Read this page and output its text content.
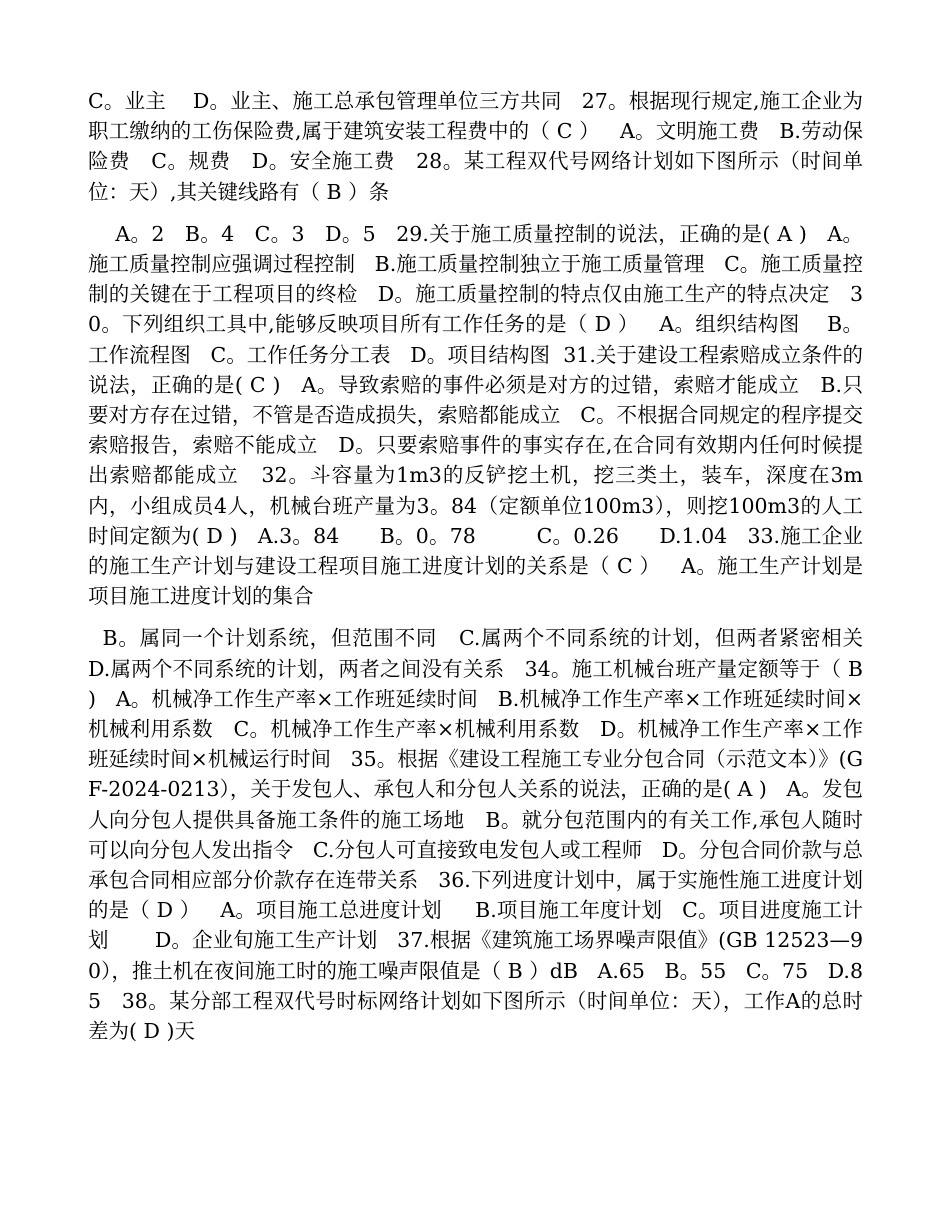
C。业主    D。业主、施工总承包管理单位三方共同   27。根据现行规定,施工企业为职工缴纳的工伤保险费,属于建筑安装工程费中的（ C ）   A。文明施工费   B.劳动保险费   C。规费   D。安全施工费   28。某工程双代号网络计划如下图所示（时间单位：天）,其关键线路有（ B ）条

A。2   B。4   C。3   D。5   29.关于施工质量控制的说法，正确的是( A )   A。施工质量控制应强调过程控制   B.施工质量控制独立于施工质量管理   C。施工质量控制的关键在于工程项目的终检   D。施工质量控制的特点仅由施工生产的特点决定   30。下列组织工具中,能够反映项目所有工作任务的是（ D ）   A。组织结构图    B。工作流程图   C。工作任务分工表   D。项目结构图  31.关于建设工程索赔成立条件的说法，正确的是( C )   A。导致索赔的事件必须是对方的过错，索赔才能成立   B.只要对方存在过错，不管是否造成损失，索赔都能成立   C。不根据合同规定的程序提交索赔报告，索赔不能成立   D。只要索赔事件的事实存在,在合同有效期内任何时候提出索赔都能成立   32。斗容量为1m3的反铲挖土机，挖三类土，装车，深度在3m内，小组成员4人，机械台班产量为3。84（定额单位100m3），则挖100m3的人工时间定额为( D )   A.3。84      B。0。78         C。0.26      D.1.04   33.施工企业的施工生产计划与建设工程项目施工进度计划的关系是（ C ）   A。施工生产计划是项目施工进度计划的集合

B。属同一个计划系统，但范围不同   C.属两个不同系统的计划，但两者紧密相关   D.属两个不同系统的计划，两者之间没有关系   34。施工机械台班产量定额等于（ B )   A。机械净工作生产率×工作班延续时间   B.机械净工作生产率×工作班延续时间×机械利用系数   C。机械净工作生产率×机械利用系数   D。机械净工作生产率×工作班延续时间×机械运行时间   35。根据《建设工程施工专业分包合同（示范文本）》(GF-2024-0213），关于发包人、承包人和分包人关系的说法，正确的是( A )   A。发包人向分包人提供具备施工条件的施工场地   B。就分包范围内的有关工作,承包人随时可以向分包人发出指令   C.分包人可直接致电发包人或工程师   D。分包合同价款与总承包合同相应部分价款存在连带关系   36.下列进度计划中，属于实施性施工进度计划的是（ D ）   A。项目施工总进度计划     B.项目施工年度计划   C。项目进度施工计划       D。企业旬施工生产计划   37.根据《建筑施工场界噪声限值》(GB 12523—90），推土机在夜间施工时的施工噪声限值是（ B ）dB   A.65   B。55   C。75   D.85   38。某分部工程双代号时标网络计划如下图所示（时间单位：天），工作A的总时差为( D )天
